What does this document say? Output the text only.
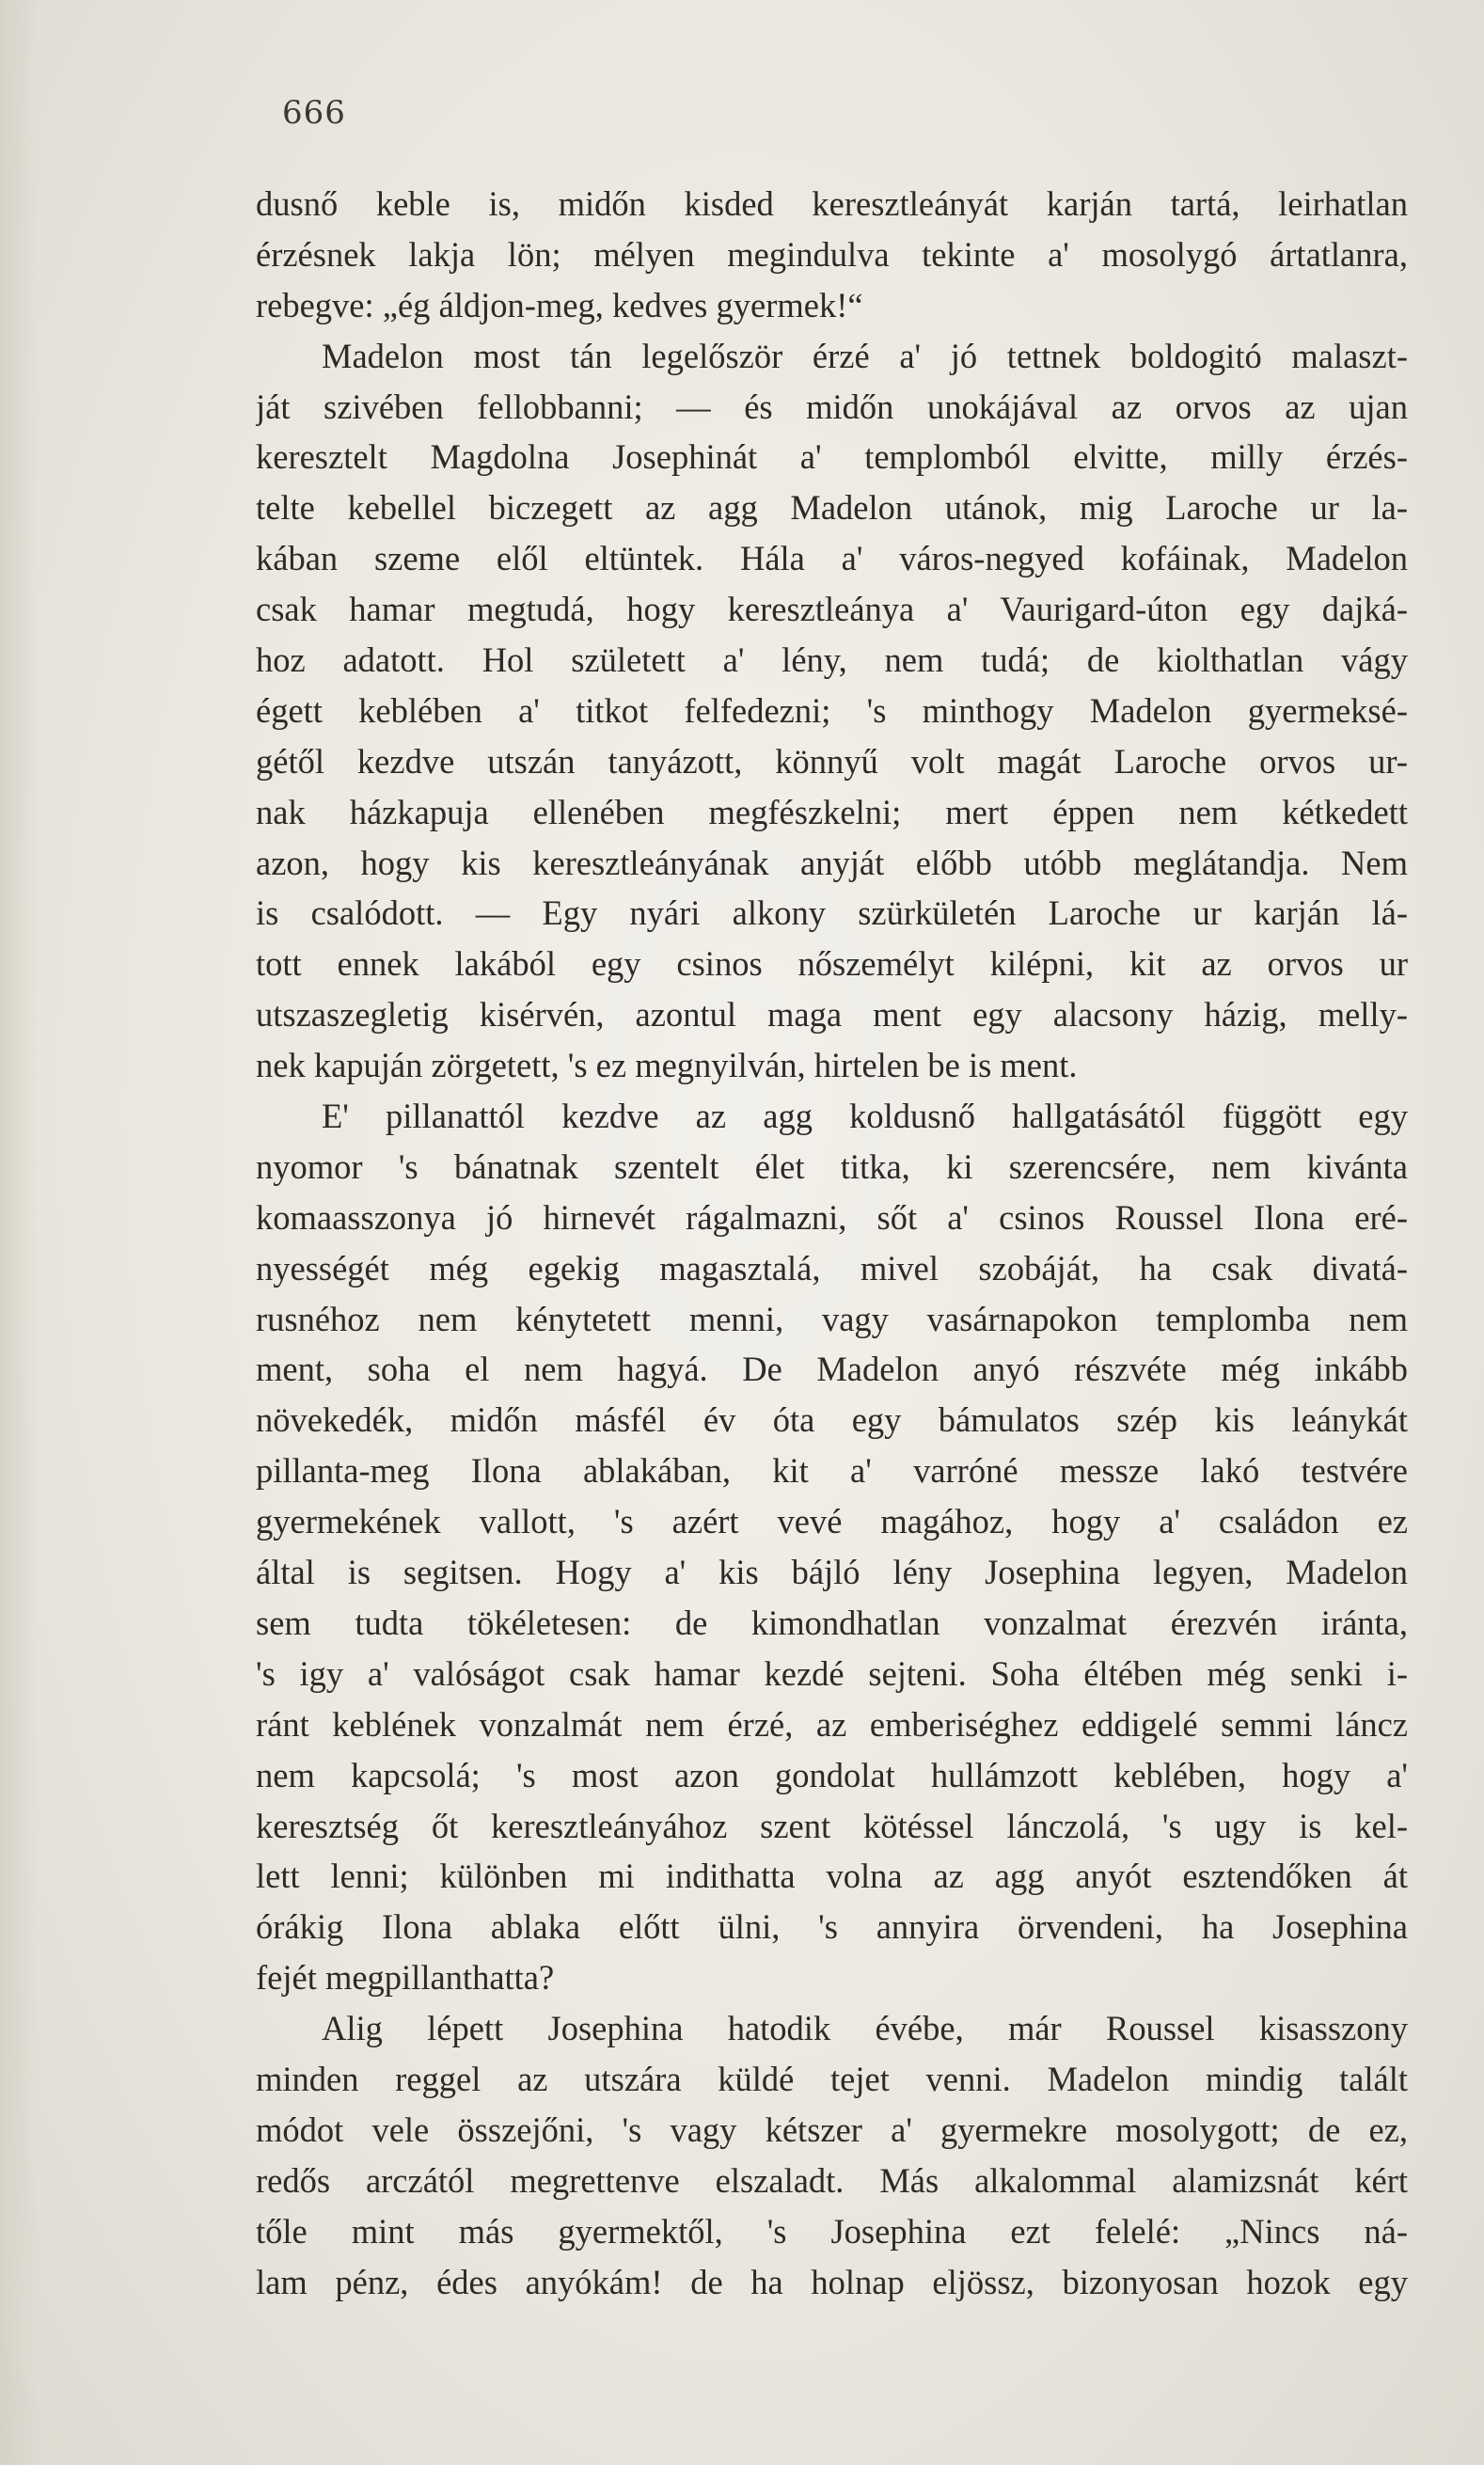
666
dusnő keble is, midőn kisded keresztleányát karján tartá, leirhatlan
érzésnek lakja lön; mélyen megindulva tekinte a' mosolygó ártatlanra,
rebegve: „ég áldjon-meg, kedves gyermek!“
Madelon most tán legelőször érzé a' jó tettnek boldogitó malaszt-
ját szivében fellobbanni; — és midőn unokájával az orvos az ujan
keresztelt Magdolna Josephinát a' templomból elvitte, milly érzés-
telte kebellel biczegett az agg Madelon utánok, mig Laroche ur la-
kában szeme elől eltüntek. Hála a' város-negyed kofáinak, Madelon
csak hamar megtudá, hogy keresztleánya a' Vaurigard-úton egy dajká-
hoz adatott. Hol született a' lény, nem tudá; de kiolthatlan vágy
égett keblében a' titkot felfedezni; 's minthogy Madelon gyermeksé-
gétől kezdve utszán tanyázott, könnyű volt magát Laroche orvos ur-
nak házkapuja ellenében megfészkelni; mert éppen nem kétkedett
azon, hogy kis keresztleányának anyját előbb utóbb meglátandja. Nem
is csalódott. — Egy nyári alkony szürkületén Laroche ur karján lá-
tott ennek lakából egy csinos nőszemélyt kilépni, kit az orvos ur
utszaszegletig kisérvén, azontul maga ment egy alacsony házig, melly-
nek kapuján zörgetett, 's ez megnyilván, hirtelen be is ment.
E' pillanattól kezdve az agg koldusnő hallgatásától függött egy
nyomor 's bánatnak szentelt élet titka, ki szerencsére, nem kivánta
komaasszonya jó hirnevét rágalmazni, sőt a' csinos Roussel Ilona eré-
nyességét még egekig magasztalá, mivel szobáját, ha csak divatá-
rusnéhoz nem kénytetett menni, vagy vasárnapokon templomba nem
ment, soha el nem hagyá. De Madelon anyó részvéte még inkább
növekedék, midőn másfél év óta egy bámulatos szép kis leánykát
pillanta-meg Ilona ablakában, kit a' varróné messze lakó testvére
gyermekének vallott, 's azért vevé magához, hogy a' családon ez
által is segitsen. Hogy a' kis bájló lény Josephina legyen, Madelon
sem tudta tökéletesen: de kimondhatlan vonzalmat érezvén iránta,
's igy a' valóságot csak hamar kezdé sejteni. Soha éltében még senki i-
ránt keblének vonzalmát nem érzé, az emberiséghez eddigelé semmi láncz
nem kapcsolá; 's most azon gondolat hullámzott keblében, hogy a'
keresztség őt keresztleányához szent kötéssel lánczolá, 's ugy is kel-
lett lenni; különben mi indithatta volna az agg anyót esztendőken át
órákig Ilona ablaka előtt ülni, 's annyira örvendeni, ha Josephina
fejét megpillanthatta?
Alig lépett Josephina hatodik évébe, már Roussel kisasszony
minden reggel az utszára küldé tejet venni. Madelon mindig talált
módot vele összejőni, 's vagy kétszer a' gyermekre mosolygott; de ez,
redős arczától megrettenve elszaladt. Más alkalommal alamizsnát kért
tőle mint más gyermektől, 's Josephina ezt felelé: „Nincs ná-
lam pénz, édes anyókám! de ha holnap eljössz, bizonyosan hozok egy
